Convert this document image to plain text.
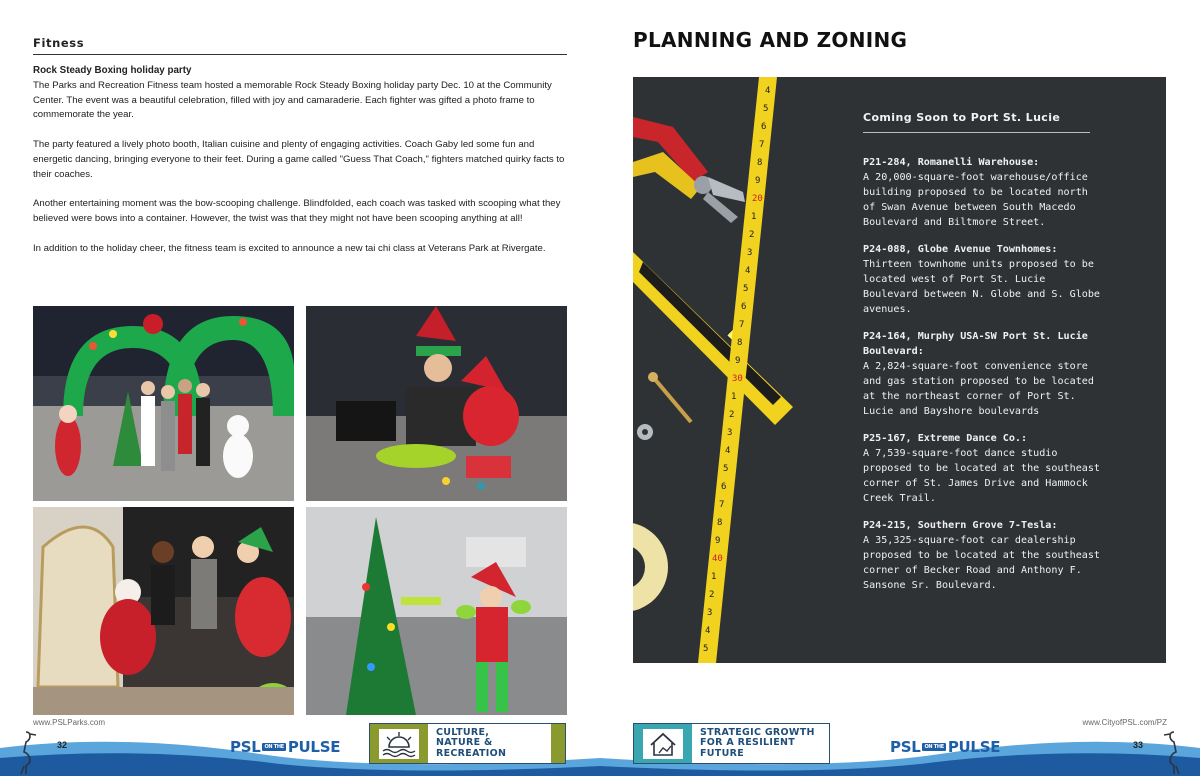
Fitness
Rock Steady Boxing holiday party

The Parks and Recreation Fitness team hosted a memorable Rock Steady Boxing holiday party Dec. 10 at the Community Center. The event was a beautiful celebration, filled with joy and camaraderie. Each fighter was gifted a photo frame to commemorate the year.

The party featured a lively photo booth, Italian cuisine and plenty of engaging activities. Coach Gaby led some fun and energetic dancing, bringing everyone to their feet. During a game called "Guess That Coach," fighters matched quirky facts to their coaches.

Another entertaining moment was the bow-scooping challenge. Blindfolded, each coach was tasked with scooping what they believed were bows into a container. However, the twist was that they might not have been scooping anything at all!

In addition to the holiday cheer, the fitness team is excited to announce a new tai chi class at Veterans Park at Rivergate.

www.PSLParks.com
32	PSL ON THE PULSE
CULTURE,
NATURE &
RECREATION
PLANNING AND ZONING
4
5
6
7
8
9
20
1
2
3
4
5
6
7
8
9
30
1
2
3
4
5
6
7
8
9
40
1
2
3
4
5
Coming Soon to Port St. Lucie
P21-284, Romanelli Warehouse:
A 20,000-square-foot warehouse/office building proposed to be located north of Swan Avenue between South Macedo Boulevard and Biltmore Street.
P24-088, Globe Avenue Townhomes:
Thirteen townhome units proposed to be located west of Port St. Lucie Boulevard between N. Globe and S. Globe avenues.
P24-164, Murphy USA-SW Port St. Lucie Boulevard:
A 2,824-square-foot convenience store and gas station proposed to be located at the northeast corner of Port St. Lucie and Bayshore boulevards
P25-167, Extreme Dance Co.:
A 7,539-square-foot dance studio proposed to be located at the southeast corner of St. James Drive and Hammock Creek Trail.
P24-215, Southern Grove 7-Tesla:
A 35,325-square-foot car dealership proposed to be located at the southeast corner of Becker Road and Anthony F. Sansone Sr. Boulevard.
www.CityofPSL.com/PZ
STRATEGIC GROWTH
FOR A RESILIENT
FUTURE	PSL ON THE PULSE	33
